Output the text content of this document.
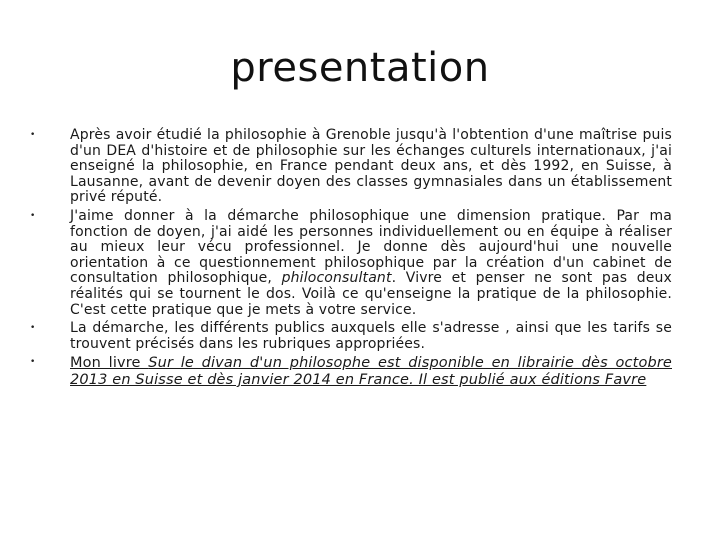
presentation
•	Après avoir étudié la philosophie à Grenoble jusqu'à l'obtention d'une maîtrise puis d'un DEA d'histoire et de philosophie sur les échanges culturels internationaux, j'ai enseigné la philosophie, en France pendant deux ans, et dès 1992, en Suisse, à Lausanne, avant de devenir doyen des classes gymnasiales dans un établissement privé réputé.
•	J'aime donner à la démarche philosophique une dimension pratique. Par ma fonction de doyen, j'ai aidé les personnes individuellement ou en équipe à réaliser au mieux leur vécu professionnel. Je donne dès aujourd'hui une nouvelle orientation à ce questionnement philosophique par la création d'un cabinet de consultation philosophique, philoconsultant. Vivre et penser ne sont pas deux réalités qui se tournent le dos. Voilà ce qu'enseigne la pratique de la philosophie. C'est cette pratique que je mets à votre service.
•	La démarche, les différents publics auxquels elle s'adresse , ainsi que les tarifs se trouvent précisés dans les rubriques appropriées.
•	Mon livre Sur le divan d'un philosophe est disponible en librairie dès octobre 2013 en Suisse et dès janvier 2014 en France. Il est publié aux éditions Favre
